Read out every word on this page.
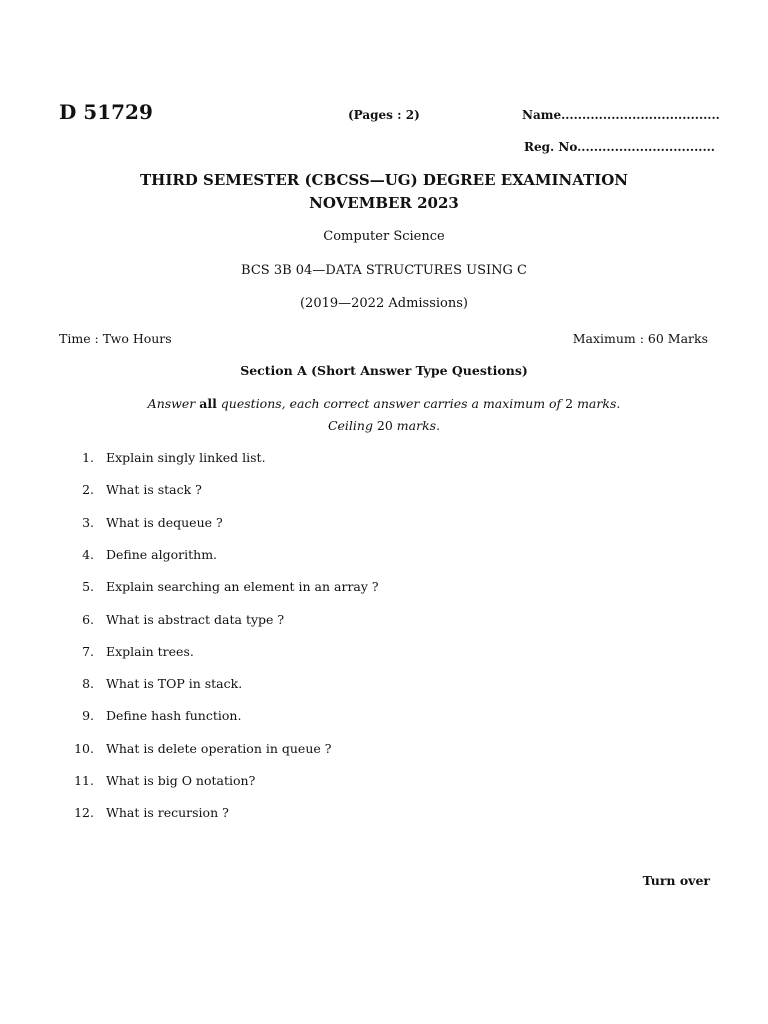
D 51729	(Pages : 2)	Name......................................
Reg. No.................................
THIRD SEMESTER (CBCSS—UG) DEGREE EXAMINATION
NOVEMBER 2023
Computer Science
BCS 3B 04—DATA STRUCTURES USING C
(2019—2022 Admissions)
Time : Two Hours	Maximum : 60 Marks
Section A (Short Answer Type Questions)
Answer all questions, each correct answer carries a maximum of 2 marks.
Ceiling 20 marks.
1. Explain singly linked list.
2. What is stack ?
3. What is dequeue ?
4. Define algorithm.
5. Explain searching an element in an array ?
6. What is abstract data type ?
7. Explain trees.
8. What is TOP in stack.
9. Define hash function.
10. What is delete operation in queue ?
11. What is big O notation?
12. What is recursion ?
Turn over
